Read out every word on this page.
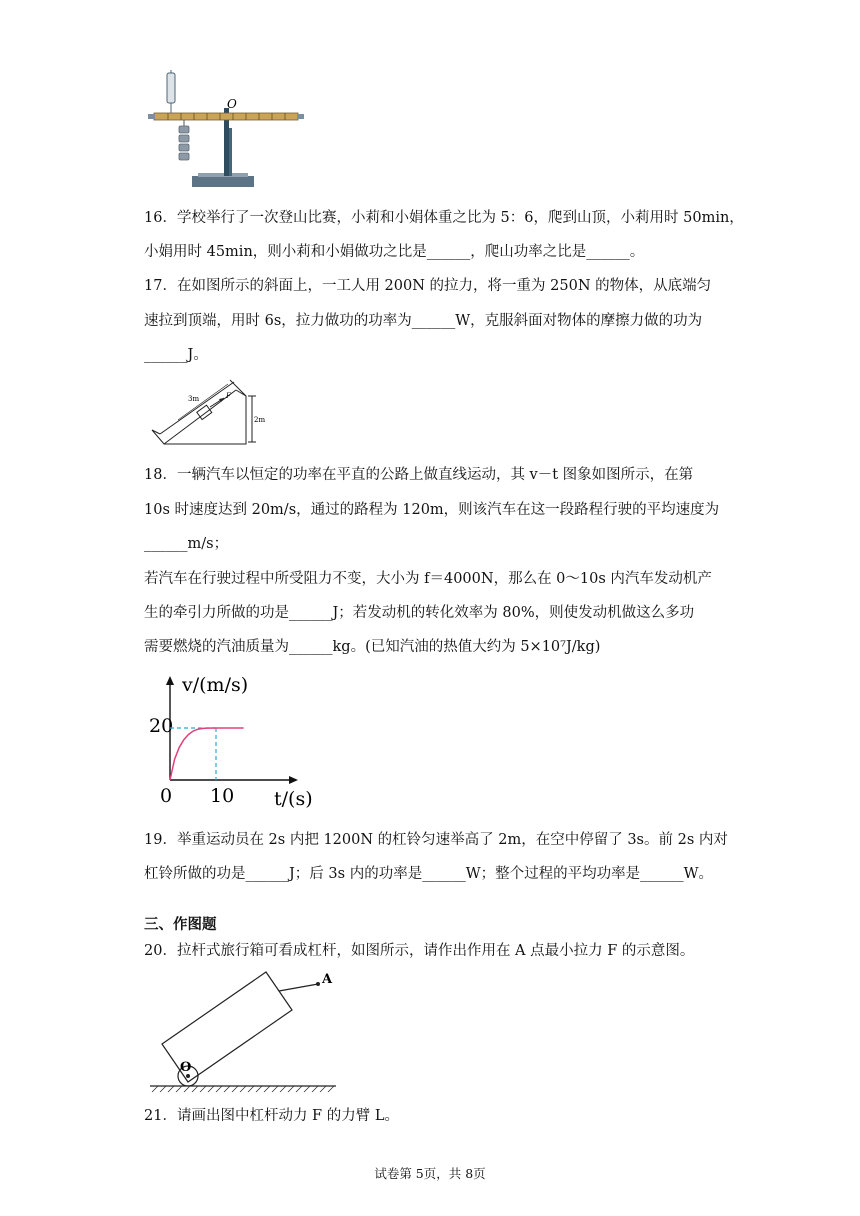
O
16．学校举行了一次登山比赛，小莉和小娟体重之比为 5：6，爬到山顶，小莉用时 50min，
小娟用时 45min，则小莉和小娟做功之比是______，爬山功率之比是______。
17．在如图所示的斜面上，一工人用 200N 的拉力，将一重为 250N 的物体，从底端匀
速拉到顶端，用时 6s，拉力做功的功率为______W，克服斜面对物体的摩擦力做的功为
______J。
3m	F
2m
18．一辆汽车以恒定的功率在平直的公路上做直线运动，其 v－t 图象如图所示，在第
10s 时速度达到 20m/s，通过的路程为 120m，则该汽车在这一段路程行驶的平均速度为
______m/s；
若汽车在行驶过程中所受阻力不变，大小为 f＝4000N，那么在 0～10s 内汽车发动机产
生的牵引力所做的功是______J；若发动机的转化效率为 80%，则使发动机做这么多功
需要燃烧的汽油质量为______kg。(已知汽油的热值大约为 5×10⁷J/kg)
v/(m/s)
t/(s)
0 10
20
19．举重运动员在 2s 内把 1200N 的杠铃匀速举高了 2m，在空中停留了 3s。前 2s 内对
杠铃所做的功是______J；后 3s 内的功率是______W；整个过程的平均功率是______W。
三、作图题
20．拉杆式旅行箱可看成杠杆，如图所示，请作出作用在 A 点最小拉力 F 的示意图。
A
O
21．请画出图中杠杆动力 F 的力臂 L。
试卷第 5页，共 8页
